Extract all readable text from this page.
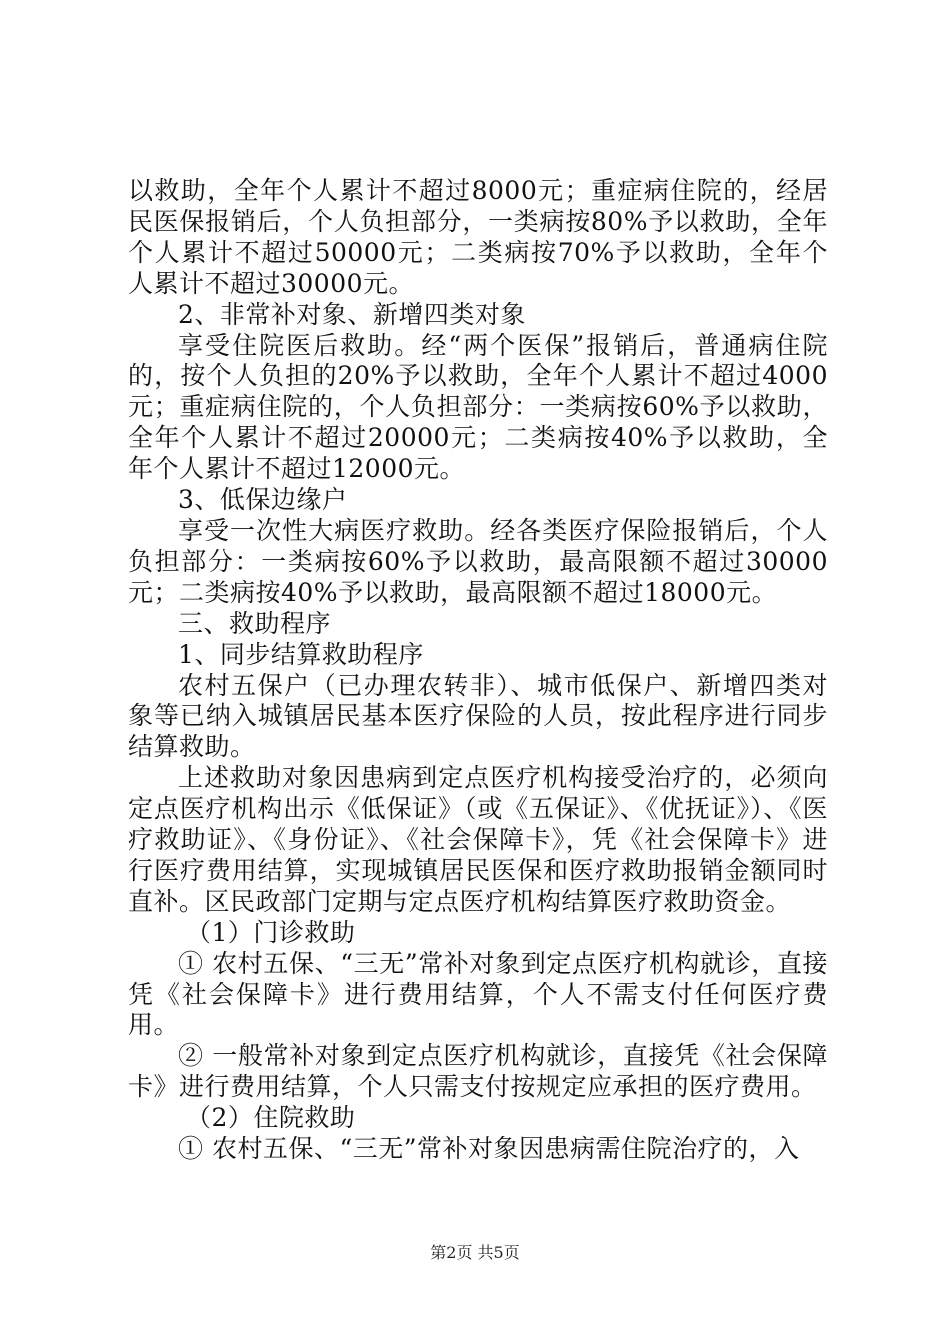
以救助，全年个人累计不超过8000元；重症病住院的，经居民医保报销后，个人负担部分，一类病按80%予以救助，全年个人累计不超过50000元；二类病按70%予以救助，全年个人累计不超过30000元。

2、非常补对象、新增四类对象

享受住院医后救助。经“两个医保”报销后，普通病住院的，按个人负担的20%予以救助，全年个人累计不超过4000元；重症病住院的，个人负担部分：一类病按60%予以救助，全年个人累计不超过20000元；二类病按40%予以救助，全年个人累计不超过12000元。

3、低保边缘户

享受一次性大病医疗救助。经各类医疗保险报销后，个人负担部分：一类病按60%予以救助，最高限额不超过30000元；二类病按40%予以救助，最高限额不超过18000元。

三、救助程序

1、同步结算救助程序

农村五保户（已办理农转非）、城市低保户、新增四类对象等已纳入城镇居民基本医疗保险的人员，按此程序进行同步结算救助。

上述救助对象因患病到定点医疗机构接受治疗的，必须向定点医疗机构出示《低保证》（或《五保证》、《优抚证》）、《医疗救助证》、《身份证》、《社会保障卡》，凭《社会保障卡》进行医疗费用结算，实现城镇居民医保和医疗救助报销金额同时直补。区民政部门定期与定点医疗机构结算医疗救助资金。

（1）门诊救助

① 农村五保、“三无”常补对象到定点医疗机构就诊，直接凭《社会保障卡》进行费用结算，个人不需支付任何医疗费用。

② 一般常补对象到定点医疗机构就诊，直接凭《社会保障卡》进行费用结算，个人只需支付按规定应承担的医疗费用。

（2）住院救助

① 农村五保、“三无”常补对象因患病需住院治疗的，入

第2页 共5页
